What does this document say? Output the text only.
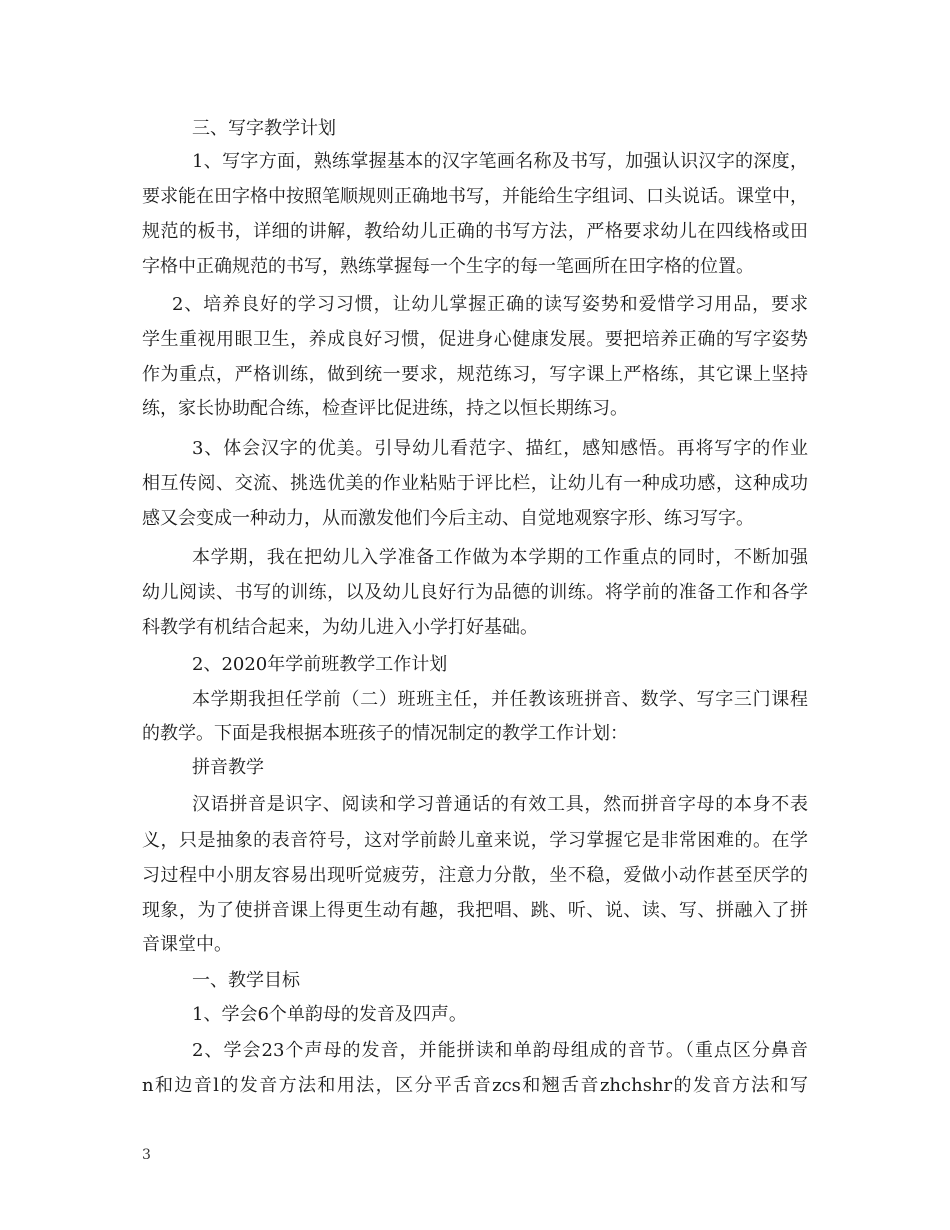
三、写字教学计划
1、写字方面，熟练掌握基本的汉字笔画名称及书写，加强认识汉字的深度，
要求能在田字格中按照笔顺规则正确地书写，并能给生字组词、口头说话。课堂中，
规范的板书，详细的讲解，教给幼儿正确的书写方法，严格要求幼儿在四线格或田
字格中正确规范的书写，熟练掌握每一个生字的每一笔画所在田字格的位置。
2、培养良好的学习习惯，让幼儿掌握正确的读写姿势和爱惜学习用品，要求
学生重视用眼卫生，养成良好习惯，促进身心健康发展。要把培养正确的写字姿势
作为重点，严格训练，做到统一要求，规范练习，写字课上严格练，其它课上坚持
练，家长协助配合练，检查评比促进练，持之以恒长期练习。
3、体会汉字的优美。引导幼儿看范字、描红，感知感悟。再将写字的作业
相互传阅、交流、挑选优美的作业粘贴于评比栏，让幼儿有一种成功感，这种成功
感又会变成一种动力，从而激发他们今后主动、自觉地观察字形、练习写字。
本学期，我在把幼儿入学准备工作做为本学期的工作重点的同时，不断加强
幼儿阅读、书写的训练，以及幼儿良好行为品德的训练。将学前的准备工作和各学
科教学有机结合起来，为幼儿进入小学打好基础。
2、2020年学前班教学工作计划
本学期我担任学前（二）班班主任，并任教该班拼音、数学、写字三门课程
的教学。下面是我根据本班孩子的情况制定的教学工作计划：
拼音教学
汉语拼音是识字、阅读和学习普通话的有效工具，然而拼音字母的本身不表
义，只是抽象的表音符号，这对学前龄儿童来说，学习掌握它是非常困难的。在学
习过程中小朋友容易出现听觉疲劳，注意力分散，坐不稳，爱做小动作甚至厌学的
现象，为了使拼音课上得更生动有趣，我把唱、跳、听、说、读、写、拼融入了拼
音课堂中。
一、教学目标
1、学会6个单韵母的发音及四声。
2、学会23个声母的发音，并能拼读和单韵母组成的音节。（重点区分鼻音
n和边音l的发音方法和用法，区分平舌音zcs和翘舌音zhchshr的发音方法和写
3
